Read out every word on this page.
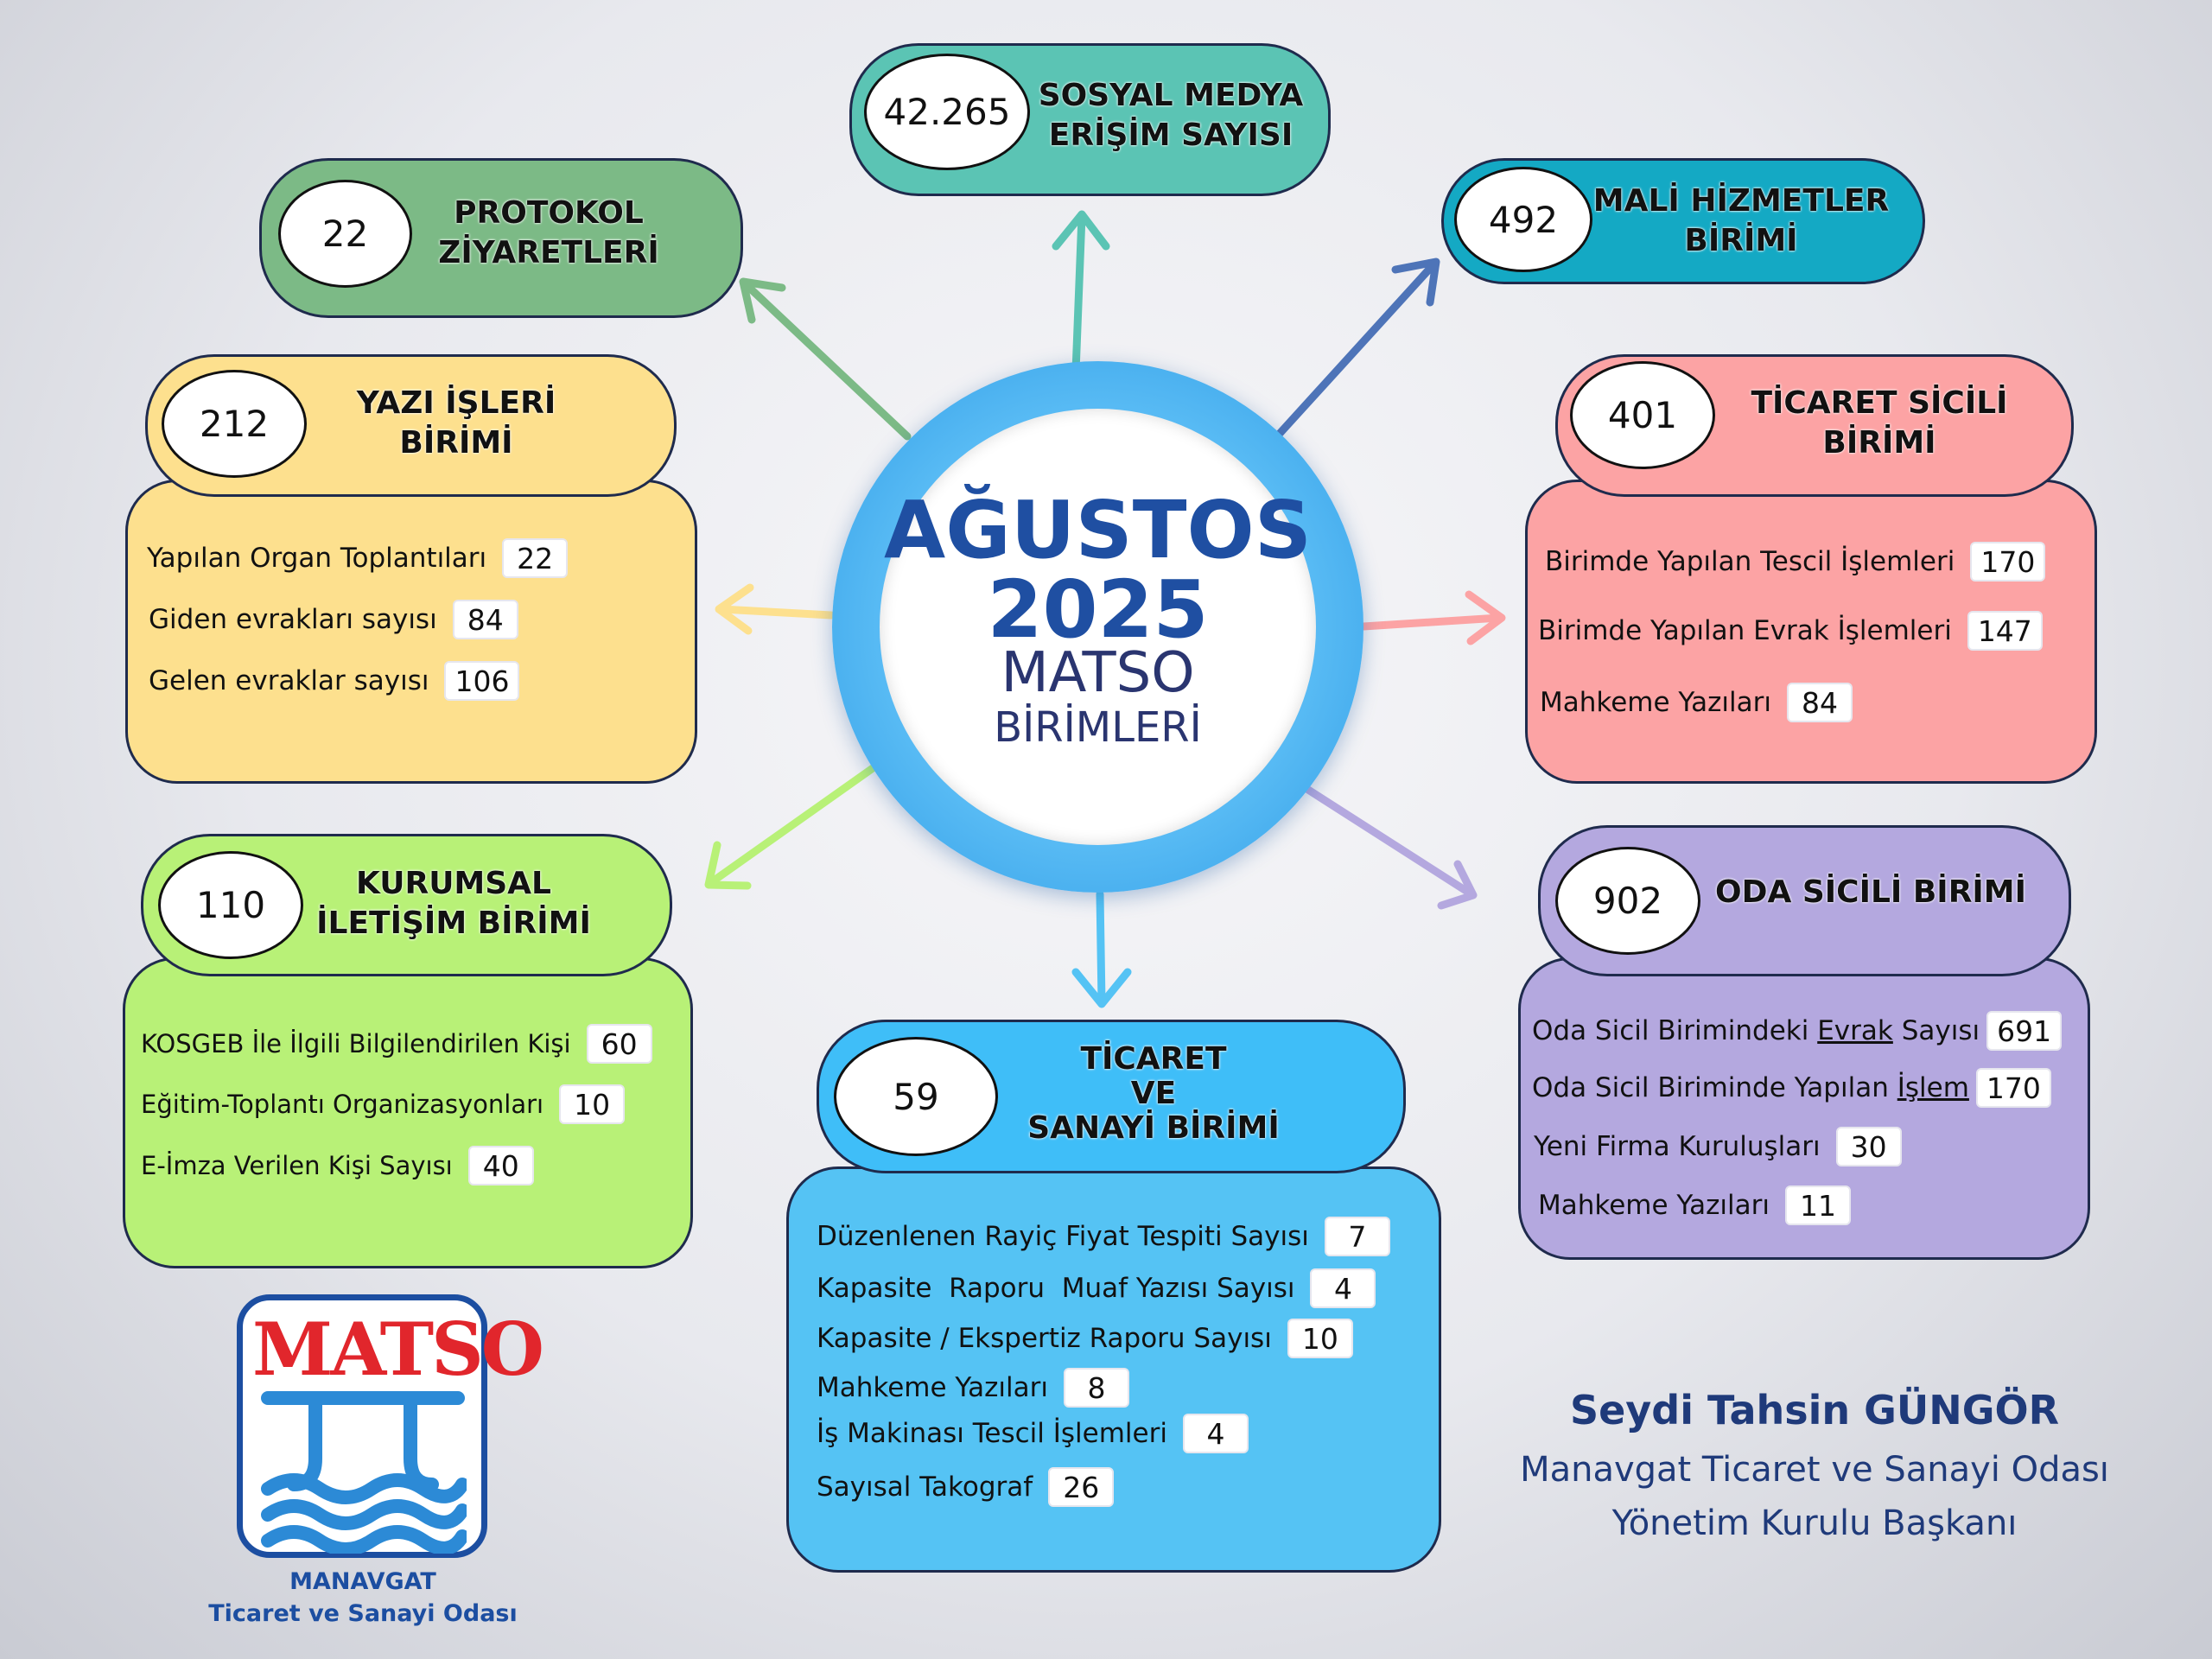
AĞUSTOS
2025
MATSO
BİRİMLERİ
42.265 SOSYAL MEDYA
ERİŞİM SAYISI
22	PROTOKOL
ZİYARETLERİ
492	MALİ HİZMETLER
BİRİMİ
212	YAZI İŞLERİ
BİRİMİ
Yapılan Organ Toplantıları	22
Giden evrakları sayısı	84
Gelen evraklar sayısı 106
401	TİCARET SİCİLİ
BİRİMİ
Birimde Yapılan Tescil İşlemleri 170
Birimde Yapılan Evrak İşlemleri 147
Mahkeme Yazıları	84
110
KURUMSAL
İLETİŞİM BİRİMİ
KOSGEB İle İlgili Bilgilendirilen Kişi	60
Eğitim-Toplantı Organizasyonları	10
E-İmza Verilen Kişi Sayısı	40
902	ODA SİCİLİ BİRİMİ
Oda Sicil Birimindeki Evrak Sayısı 691
Oda Sicil Biriminde Yapılan İşlem 170
Yeni Firma Kuruluşları	30
Mahkeme Yazıları	11
59
TİCARET
VE
SANAYİ BİRİMİ
Düzenlenen Rayiç Fiyat Tespiti Sayısı	7
Kapasite  Raporu  Muaf Yazısı Sayısı	4
Kapasite / Ekspertiz Raporu Sayısı	10
Mahkeme Yazıları	8
İş Makinası Tescil İşlemleri	4
Sayısal Takograf	26
MATSO
MANAVGAT
Ticaret ve Sanayi Odası
Seydi Tahsin GÜNGÖR
Manavgat Ticaret ve Sanayi Odası
Yönetim Kurulu Başkanı
